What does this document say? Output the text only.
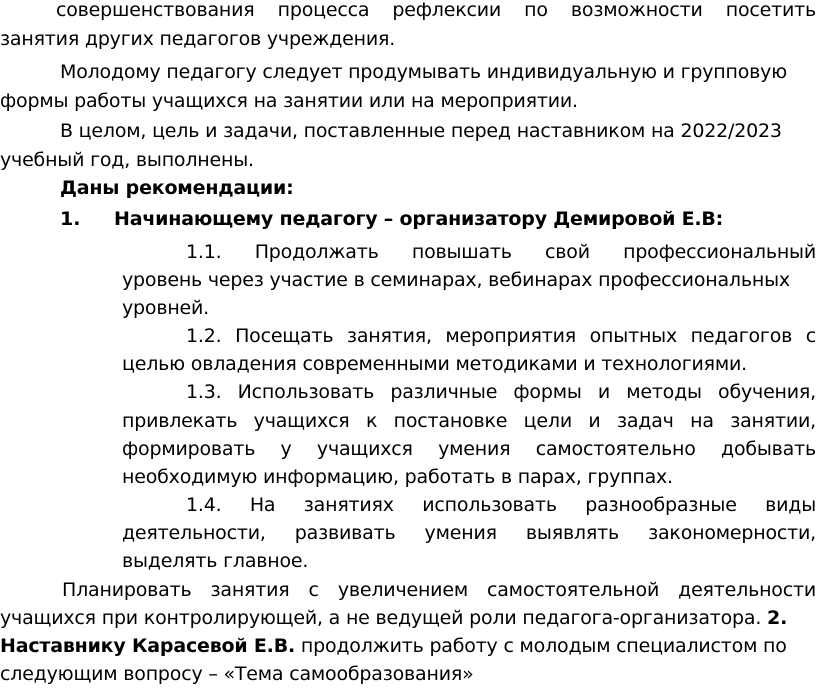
совершенствования процесса рефлексии по возможности посетить
занятия других педагогов учреждения.
Молодому педагогу следует продумывать индивидуальную и групповую
формы работы учащихся на занятии или на мероприятии.
В целом, цель и задачи, поставленные перед наставником на 2022/2023
учебный год, выполнены.
Даны рекомендации:
1. Начинающему педагогу – организатору Демировой Е.В:
1.1. Продолжать повышать свой профессиональный
уровень через участие в семинарах, вебинарах профессиональных
уровней.
1.2. Посещать занятия, мероприятия опытных педагогов с
целью овладения современными методиками и технологиями.
1.3. Использовать различные формы и методы обучения,
привлекать учащихся к постановке цели и задач на занятии,
формировать у учащихся умения самостоятельно добывать
необходимую информацию, работать в парах, группах.
1.4. На занятиях использовать разнообразные виды
деятельности, развивать умения выявлять закономерности,
выделять главное.
Планировать занятия с увеличением самостоятельной деятельности
учащихся при контролирующей, а не ведущей роли педагога-организатора. 2.
Наставнику Карасевой Е.В. продолжить работу с молодым специалистом по
следующим вопросу – «Тема самообразования»
